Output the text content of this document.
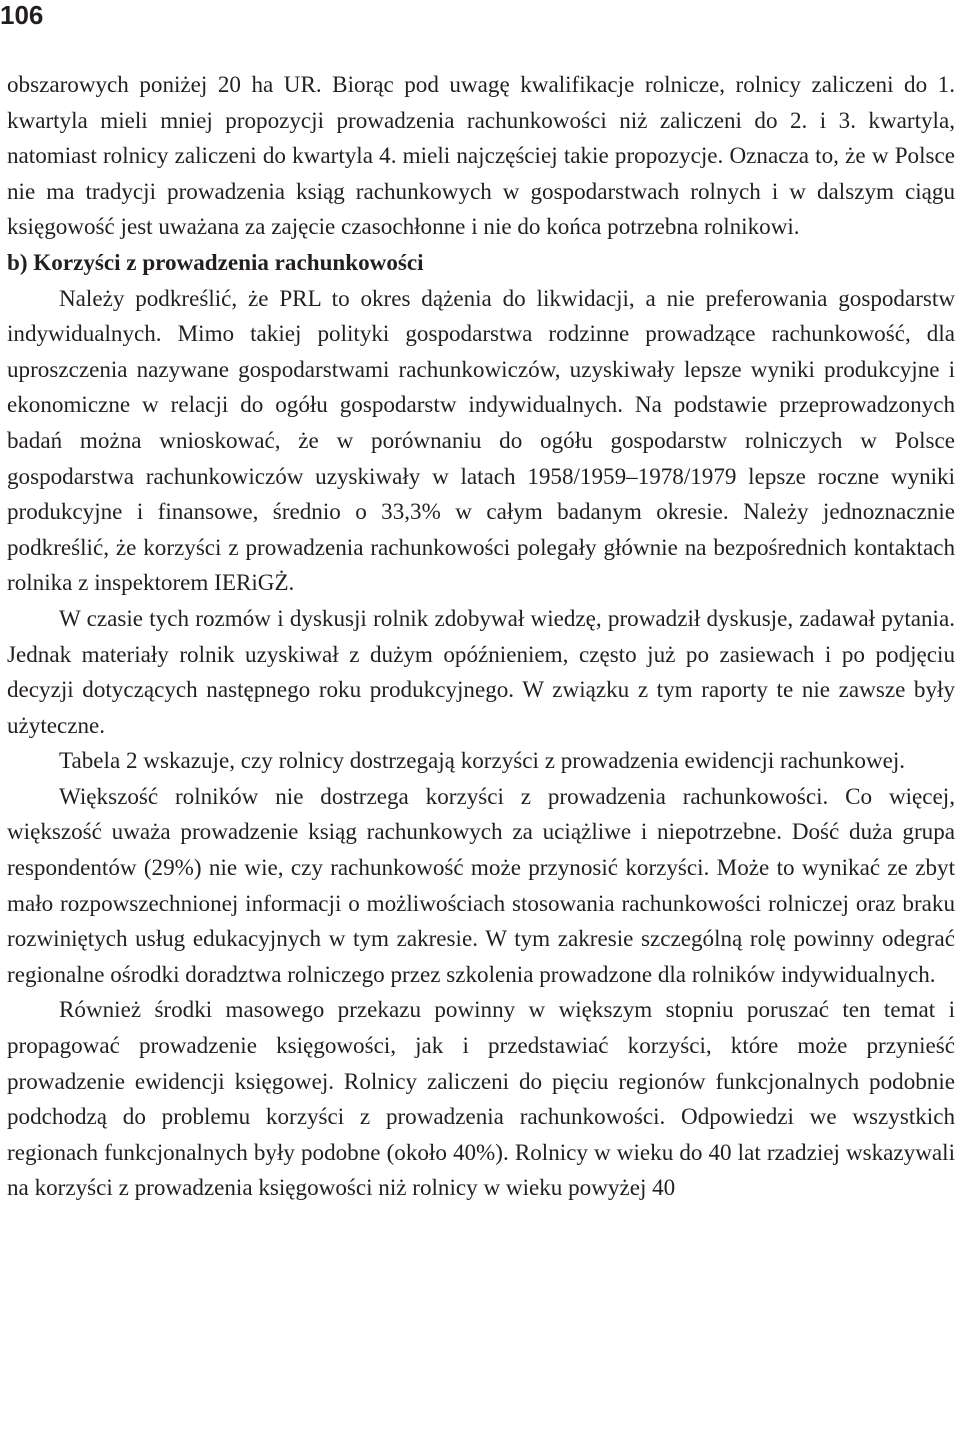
106

obszarowych poniżej 20 ha UR. Biorąc pod uwagę kwalifikacje rolnicze, rolnicy zaliczeni do 1. kwartyla mieli mniej propozycji prowadzenia rachunkowości niż zaliczeni do 2. i 3. kwartyla, natomiast rolnicy zaliczeni do kwartyla 4. mieli najczęściej takie propozycje. Oznacza to, że w Polsce nie ma tradycji prowadzenia ksiąg rachunkowych w gospodarstwach rolnych i w dalszym ciągu księgowość jest uważana za zajęcie czasochłonne i nie do końca potrzebna rolnikowi.

b) Korzyści z prowadzenia rachunkowości

Należy podkreślić, że PRL to okres dążenia do likwidacji, a nie preferowania gospodarstw indywidualnych. Mimo takiej polityki gospodarstwa rodzinne prowadzące rachunkowość, dla uproszczenia nazywane gospodarstwami rachunkowiczów, uzyskiwały lepsze wyniki produkcyjne i ekonomiczne w relacji do ogółu gospodarstw indywidualnych. Na podstawie przeprowadzonych badań można wnioskować, że w porównaniu do ogółu gospodarstw rolniczych w Polsce gospodarstwa rachunkowiczów uzyskiwały w latach 1958/1959–1978/1979 lepsze roczne wyniki produkcyjne i finansowe, średnio o 33,3% w całym badanym okresie. Należy jednoznacznie podkreślić, że korzyści z prowadzenia rachunkowości polegały głównie na bezpośrednich kontaktach rolnika z inspektorem IERiGŻ.

W czasie tych rozmów i dyskusji rolnik zdobywał wiedzę, prowadził dyskusje, zadawał pytania. Jednak materiały rolnik uzyskiwał z dużym opóźnieniem, często już po zasiewach i po podjęciu decyzji dotyczących następnego roku produkcyjnego. W związku z tym raporty te nie zawsze były użyteczne.

Tabela 2 wskazuje, czy rolnicy dostrzegają korzyści z prowadzenia ewidencji rachunkowej.

Większość rolników nie dostrzega korzyści z prowadzenia rachunkowości. Co więcej, większość uważa prowadzenie ksiąg rachunkowych za uciążliwe i niepotrzebne. Dość duża grupa respondentów (29%) nie wie, czy rachunkowość może przynosić korzyści. Może to wynikać ze zbyt mało rozpowszechnionej informacji o możliwościach stosowania rachunkowości rolniczej oraz braku rozwiniętych usług edukacyjnych w tym zakresie. W tym zakresie szczególną rolę powinny odegrać regionalne ośrodki doradztwa rolniczego przez szkolenia prowadzone dla rolników indywidualnych.

Również środki masowego przekazu powinny w większym stopniu poruszać ten temat i propagować prowadzenie księgowości, jak i przedstawiać korzyści, które może przynieść prowadzenie ewidencji księgowej. Rolnicy zaliczeni do pięciu regionów funkcjonalnych podobnie podchodzą do problemu korzyści z prowadzenia rachunkowości. Odpowiedzi we wszystkich regionach funkcjonalnych były podobne (około 40%). Rolnicy w wieku do 40 lat rzadziej wskazywali na korzyści z prowadzenia księgowości niż rolnicy w wieku powyżej 40
